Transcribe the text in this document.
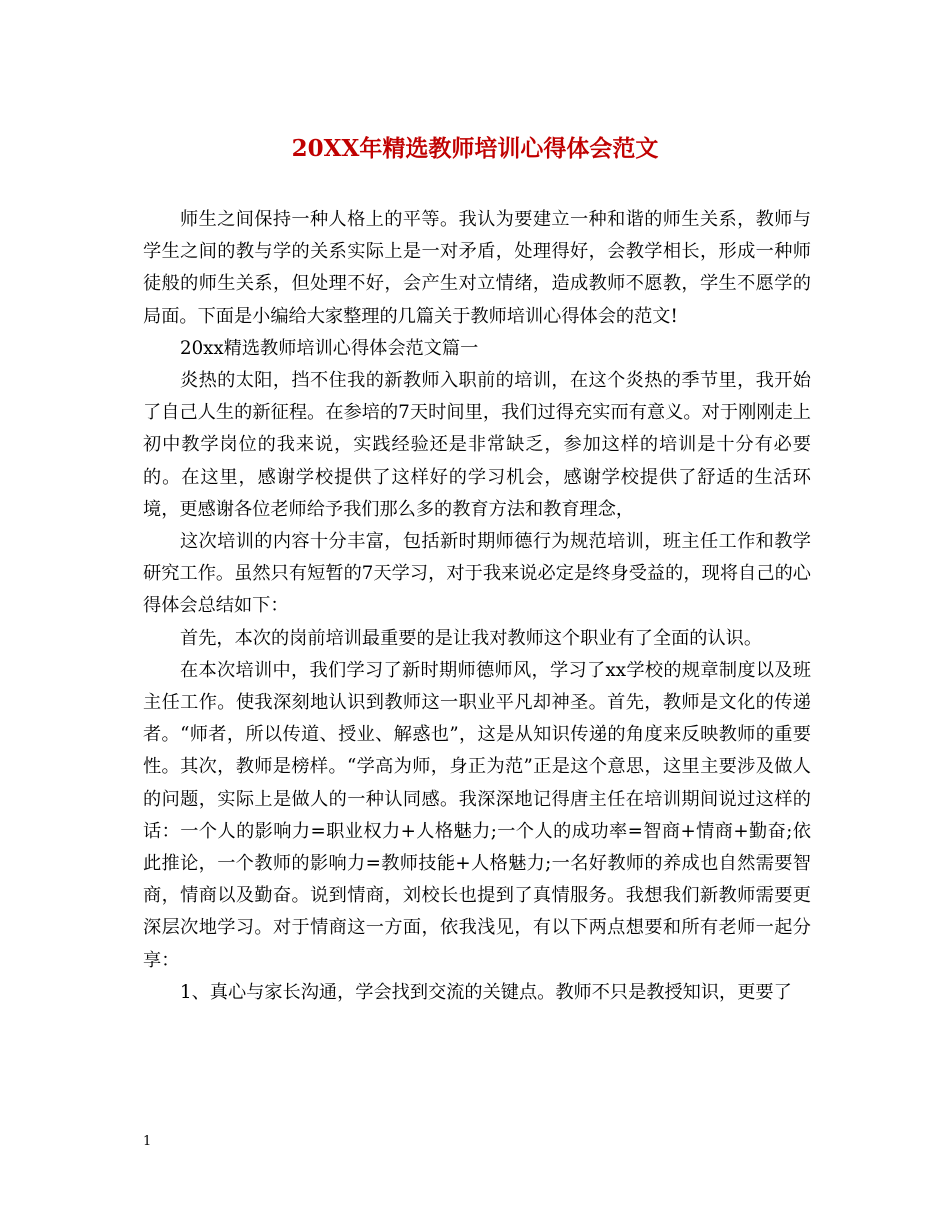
20XX年精选教师培训心得体会范文

师生之间保持一种人格上的平等。我认为要建立一种和谐的师生关系，教师与学生之间的教与学的关系实际上是一对矛盾，处理得好，会教学相长，形成一种师徒般的师生关系，但处理不好，会产生对立情绪，造成教师不愿教，学生不愿学的局面。下面是小编给大家整理的几篇关于教师培训心得体会的范文!

20xx精选教师培训心得体会范文篇一

炎热的太阳，挡不住我的新教师入职前的培训，在这个炎热的季节里，我开始了自己人生的新征程。在参培的7天时间里，我们过得充实而有意义。对于刚刚走上初中教学岗位的我来说，实践经验还是非常缺乏，参加这样的培训是十分有必要的。在这里，感谢学校提供了这样好的学习机会，感谢学校提供了舒适的生活环境，更感谢各位老师给予我们那么多的教育方法和教育理念，

这次培训的内容十分丰富，包括新时期师德行为规范培训，班主任工作和教学研究工作。虽然只有短暂的7天学习，对于我来说必定是终身受益的，现将自己的心得体会总结如下：

首先，本次的岗前培训最重要的是让我对教师这个职业有了全面的认识。

在本次培训中，我们学习了新时期师德师风，学习了xx学校的规章制度以及班主任工作。使我深刻地认识到教师这一职业平凡却神圣。首先，教师是文化的传递者。“师者，所以传道、授业、解惑也”，这是从知识传递的角度来反映教师的重要性。其次，教师是榜样。“学高为师，身正为范”正是这个意思，这里主要涉及做人的问题，实际上是做人的一种认同感。我深深地记得唐主任在培训期间说过这样的话：一个人的影响力=职业权力+人格魅力;一个人的成功率=智商+情商+勤奋;依此推论，一个教师的影响力=教师技能+人格魅力;一名好教师的养成也自然需要智商，情商以及勤奋。说到情商，刘校长也提到了真情服务。我想我们新教师需要更深层次地学习。对于情商这一方面，依我浅见，有以下两点想要和所有老师一起分享：

1、真心与家长沟通，学会找到交流的关键点。教师不只是教授知识，更要了

1
